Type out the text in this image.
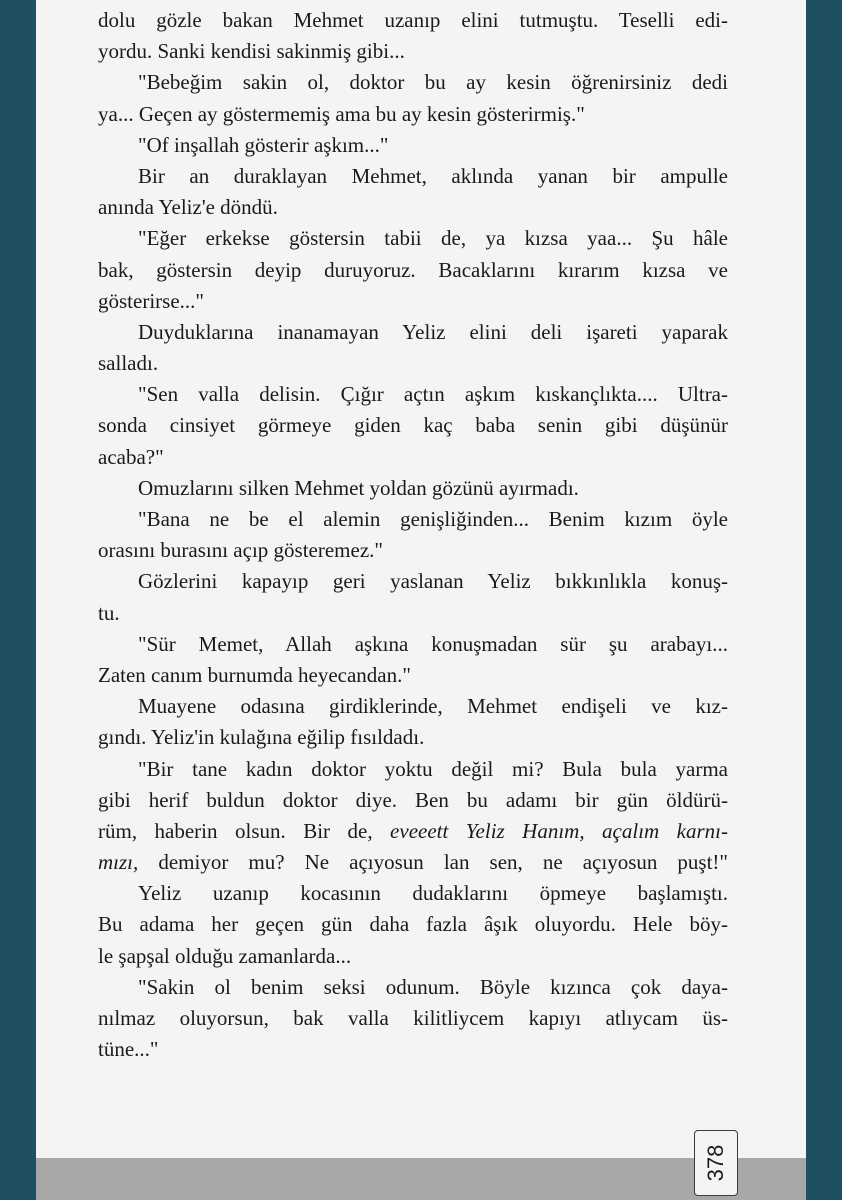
dolu gözle bakan Mehmet uzanıp elini tutmuştu. Teselli edi-
yordu. Sanki kendisi sakinmiş gibi...
"Bebeğim sakin ol, doktor bu ay kesin öğrenirsiniz dedi
ya... Geçen ay göstermemiş ama bu ay kesin gösterirmiş."
"Of inşallah gösterir aşkım..."
Bir an duraklayan Mehmet, aklında yanan bir ampulle
anında Yeliz'e döndü.
"Eğer erkekse göstersin tabii de, ya kızsa yaa... Şu hâle
bak, göstersin deyip duruyoruz. Bacaklarını kırarım kızsa ve
gösterirse..."
Duyduklarına inanamayan Yeliz elini deli işareti yaparak
salladı.
"Sen valla delisin. Çığır açtın aşkım kıskançlıkta.... Ultra-
sonda cinsiyet görmeye giden kaç baba senin gibi düşünür
acaba?"
Omuzlarını silken Mehmet yoldan gözünü ayırmadı.
"Bana ne be el alemin genişliğinden... Benim kızım öyle
orasını burasını açıp gösteremez."
Gözlerini kapayıp geri yaslanan Yeliz bıkkınlıkla konuş-
tu.
"Sür Memet, Allah aşkına konuşmadan sür şu arabayı...
Zaten canım burnumda heyecandan."
Muayene odasına girdiklerinde, Mehmet endişeli ve kız-
gındı. Yeliz'in kulağına eğilip fısıldadı.
"Bir tane kadın doktor yoktu değil mi? Bula bula yarma
gibi herif buldun doktor diye. Ben bu adamı bir gün öldürü-
rüm, haberin olsun. Bir de, eveeett Yeliz Hanım, açalım karnı-
mızı, demiyor mu? Ne açıyosun lan sen, ne açıyosun puşt!"
Yeliz uzanıp kocasının dudaklarını öpmeye başlamıştı.
Bu adama her geçen gün daha fazla âşık oluyordu. Hele böy-
le şapşal olduğu zamanlarda...
"Sakin ol benim seksi odunum. Böyle kızınca çok daya-
nılmaz oluyorsun, bak valla kilitliycem kapıyı atlıycam üs-
tüne..."
378
